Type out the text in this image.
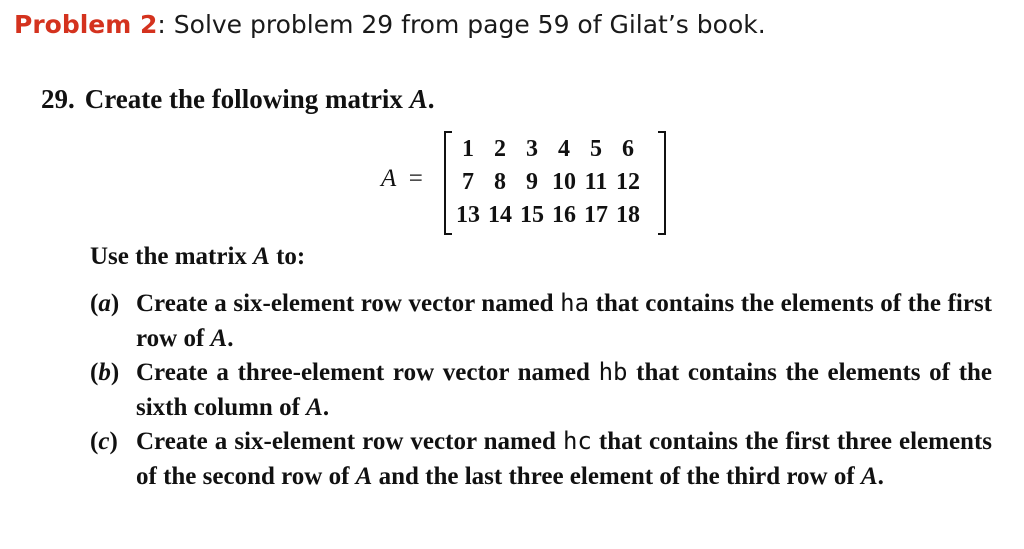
Problem 2: Solve problem 29 from page 59 of Gilat’s book.
29. Create the following matrix A.
A =
1	2	3	4	5	6
7	8	9	10	11	12
13	14	15	16	17	18
Use the matrix A to:
(a) Create a six-element row vector named ha that contains the elements of the first row of A.
(b) Create a three-element row vector named hb that contains the elements of the sixth column of A.
(c) Create a six-element row vector named hc that contains the first three elements of the second row of A and the last three element of the third row of A.
